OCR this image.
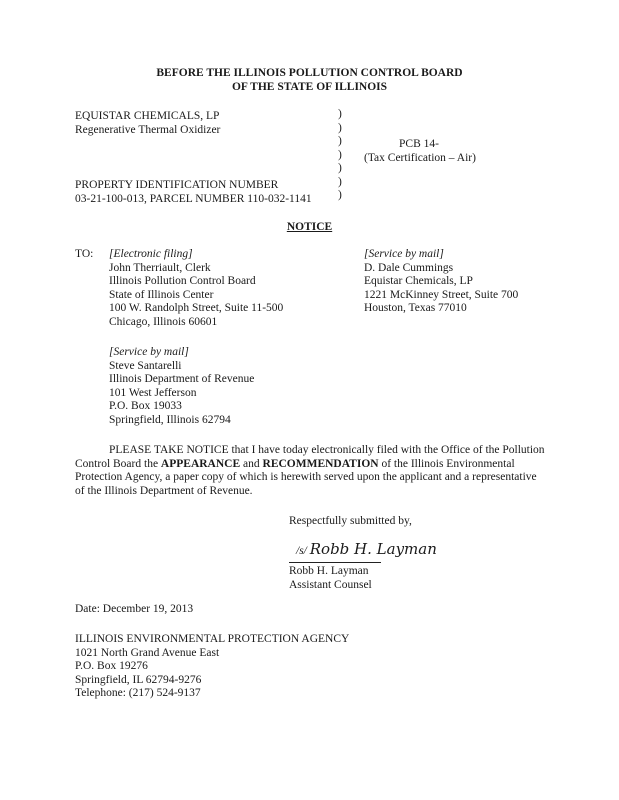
BEFORE THE ILLINOIS POLLUTION CONTROL BOARD
OF THE STATE OF ILLINOIS
EQUISTAR CHEMICALS, LP
Regenerative Thermal Oxidizer
PROPERTY IDENTIFICATION NUMBER
03-21-100-013, PARCEL NUMBER 110-032-1141
)
)
)
)
)
)
)
PCB 14-
(Tax Certification – Air)
NOTICE
TO: [Electronic filing]
John Therriault, Clerk
Illinois Pollution Control Board
State of Illinois Center
100 W. Randolph Street, Suite 11-500
Chicago, Illinois 60601
[Service by mail]
D. Dale Cummings
Equistar Chemicals, LP
1221 McKinney Street, Suite 700
Houston, Texas 77010
[Service by mail]
Steve Santarelli
Illinois Department of Revenue
101 West Jefferson
P.O. Box 19033
Springfield, Illinois 62794
PLEASE TAKE NOTICE that I have today electronically filed with the Office of the Pollution Control Board the APPEARANCE and RECOMMENDATION of the Illinois Environmental Protection Agency, a paper copy of which is herewith served upon the applicant and a representative of the Illinois Department of Revenue.
Respectfully submitted by,
/s/ Robb H. Layman
Robb H. Layman
Assistant Counsel
Date: December 19, 2013
ILLINOIS ENVIRONMENTAL PROTECTION AGENCY
1021 North Grand Avenue East
P.O. Box 19276
Springfield, IL 62794-9276
Telephone: (217) 524-9137
